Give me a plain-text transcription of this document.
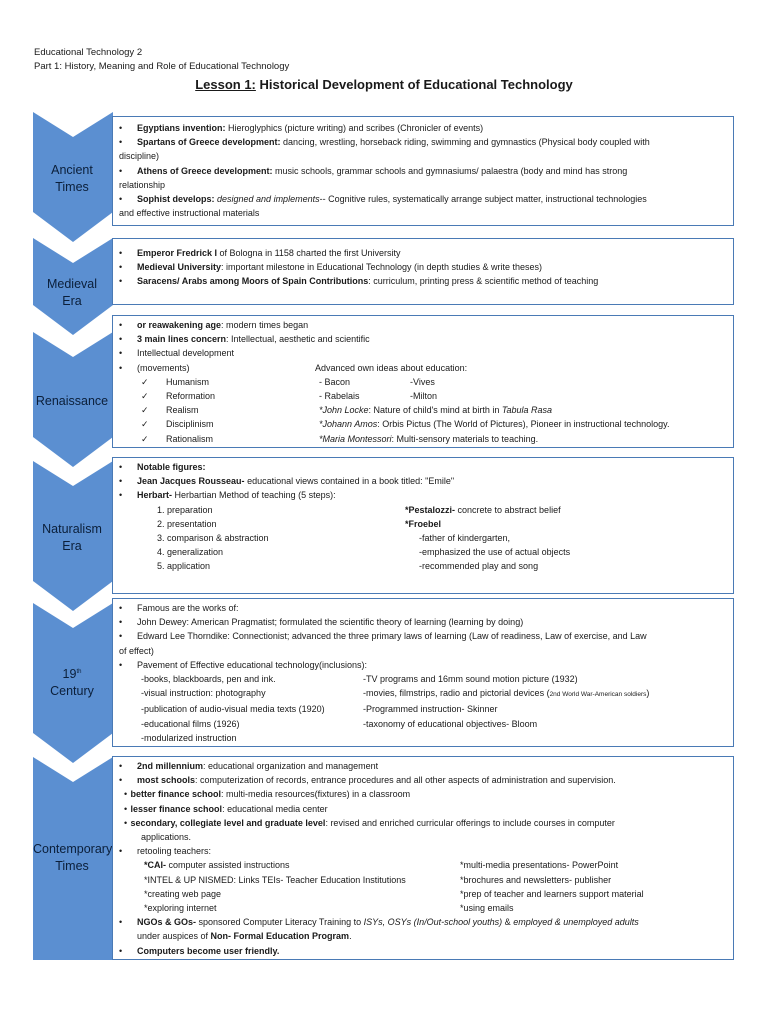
Educational Technology 2
Part 1: History, Meaning and Role of Educational Technology
Lesson 1: Historical Development of Educational Technology
Ancient
Times
Medieval
Era
Renaissance
Naturalism
Era
19th
Century
Contemporary
Times

• Egyptians invention: Hieroglyphics (picture writing) and scribes (Chronicler of events)

• Spartans of Greece development: dancing, wrestling, horseback riding, swimming and gymnastics (Physical body coupled with

discipline)

• Athens of Greece development: music schools, grammar schools and gymnasiums/ palaestra (body and mind has strong

relationship

• Sophist develops: designed and implements-- Cognitive rules, systematically arrange subject matter, instructional technologies

and effective instructional materials

• Emperor Fredrick I of Bologna in 1158 charted the first University

• Medieval University: important milestone in Educational Technology (in depth studies & write theses)

• Saracens/ Arabs among Moors of Spain Contributions: curriculum, printing press & scientific method of teaching

• or reawakening age: modern times began

• 3 main lines concern: Intellectual, aesthetic and scientific

• Intellectual development

• (movements)	Advanced own ideas about education:

✓ Humanism	- Bacon	-Vives
✓ Reformation	- Rabelais	-Milton
✓ Realism	*John Locke: Nature of child's mind at birth in Tabula Rasa
✓ Disciplinism	*Johann Amos: Orbis Pictus (The World of Pictures), Pioneer in instructional technology.
✓ Rationalism	*Maria Montessori: Multi-sensory materials to teaching.

• Notable figures:

• Jean Jacques Rousseau- educational views contained in a book titled: "Emile"

• Herbart- Herbartian Method of teaching (5 steps):

1. preparation	*Pestalozzi- concrete to abstract belief
2. presentation	*Froebel
3. comparison & abstraction	-father of kindergarten,
4. generalization	-emphasized the use of actual objects
5. application	-recommended play and song

• Famous are the works of:

• John Dewey: American Pragmatist; formulated the scientific theory of learning (learning by doing)

• Edward Lee Thorndike: Connectionist; advanced the three primary laws of learning (Law of readiness, Law of exercise, and Law

of effect)

• Pavement of Effective educational technology(inclusions):

-books, blackboards, pen and ink.	-TV programs and 16mm sound motion picture (1932)
-visual instruction: photography	-movies, filmstrips, radio and pictorial devices (2nd World War-American soldiers)
-publication of audio-visual media texts (1920)	-Programmed instruction- Skinner
-educational films (1926)	-taxonomy of educational objectives- Bloom
-modularized instruction

• 2nd millennium: educational organization and management

• most schools: computerization of records, entrance procedures and all other aspects of administration and supervision.

• better finance school: multi-media resources(fixtures) in a classroom

• lesser finance school: educational media center

• secondary, collegiate level and graduate level: revised and enriched curricular offerings to include courses in computer

applications.

• retooling teachers:

*CAI- computer assisted instructions	*multi-media presentations- PowerPoint
*INTEL & UP NISMED: Links TEIs- Teacher Education Institutions	*brochures and newsletters- publisher
*creating web page	*prep of teacher and learners support material
*exploring internet	*using emails

• NGOs & GOs- sponsored Computer Literacy Training to ISYs, OSYs (In/Out-school youths) & employed & unemployed adults

under auspices of Non- Formal Education Program.

• Computers become user friendly.
